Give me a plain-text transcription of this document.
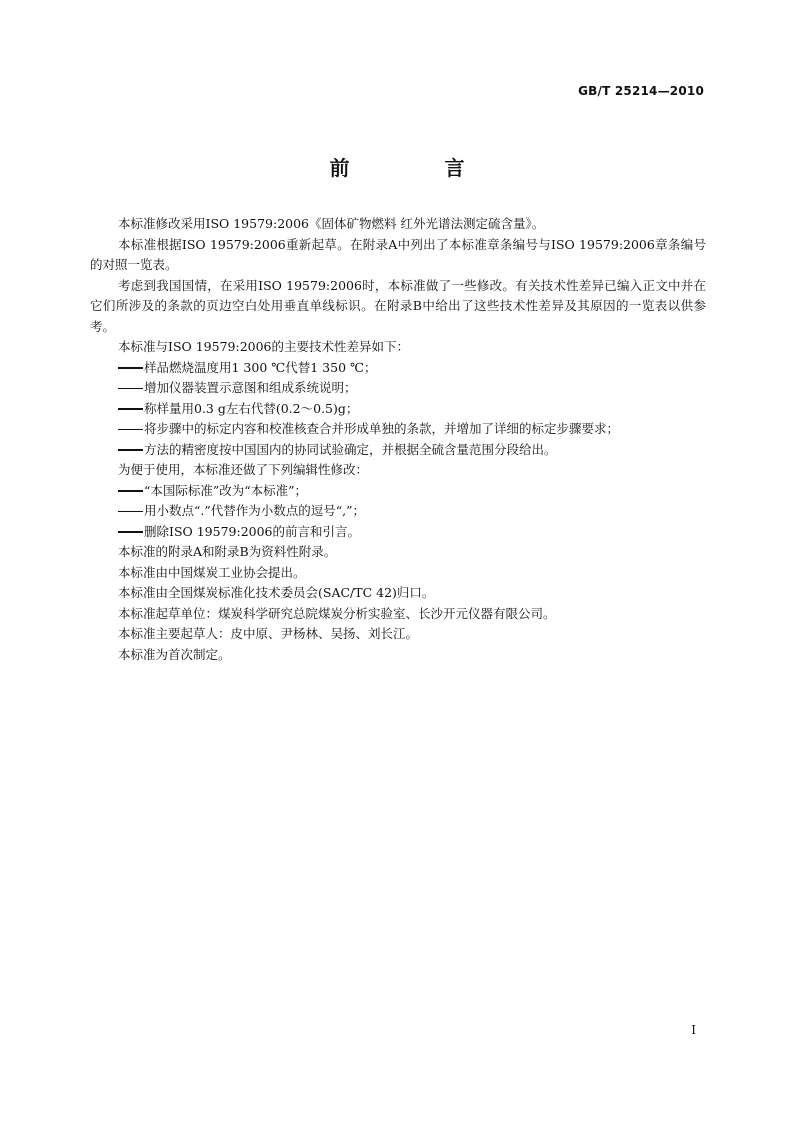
GB/T 25214—2010
前 言

本标准修改采用ISO 19579:2006《固体矿物燃料 红外光谱法测定硫含量》。

本标准根据ISO 19579:2006重新起草。在附录A中列出了本标准章条编号与ISO 19579:2006章条编号的对照一览表。

考虑到我国国情，在采用ISO 19579:2006时，本标准做了一些修改。有关技术性差异已编入正文中并在它们所涉及的条款的页边空白处用垂直单线标识。在附录B中给出了这些技术性差异及其原因的一览表以供参考。

本标准与ISO 19579:2006的主要技术性差异如下：

样品燃烧温度用1 300 ℃代替1 350 ℃；

增加仪器装置示意图和组成系统说明；

称样量用0.3 g左右代替(0.2～0.5)g；

将步骤中的标定内容和校准核查合并形成单独的条款，并增加了详细的标定步骤要求；

方法的精密度按中国国内的协同试验确定，并根据全硫含量范围分段给出。

为便于使用，本标准还做了下列编辑性修改：

“本国际标准”改为“本标准”；

用小数点“.”代替作为小数点的逗号“,”；

删除ISO 19579:2006的前言和引言。

本标准的附录A和附录B为资料性附录。

本标准由中国煤炭工业协会提出。

本标准由全国煤炭标准化技术委员会(SAC/TC 42)归口。

本标准起草单位：煤炭科学研究总院煤炭分析实验室、长沙开元仪器有限公司。

本标准主要起草人：皮中原、尹杨林、吴扬、刘长江。

本标准为首次制定。

I
